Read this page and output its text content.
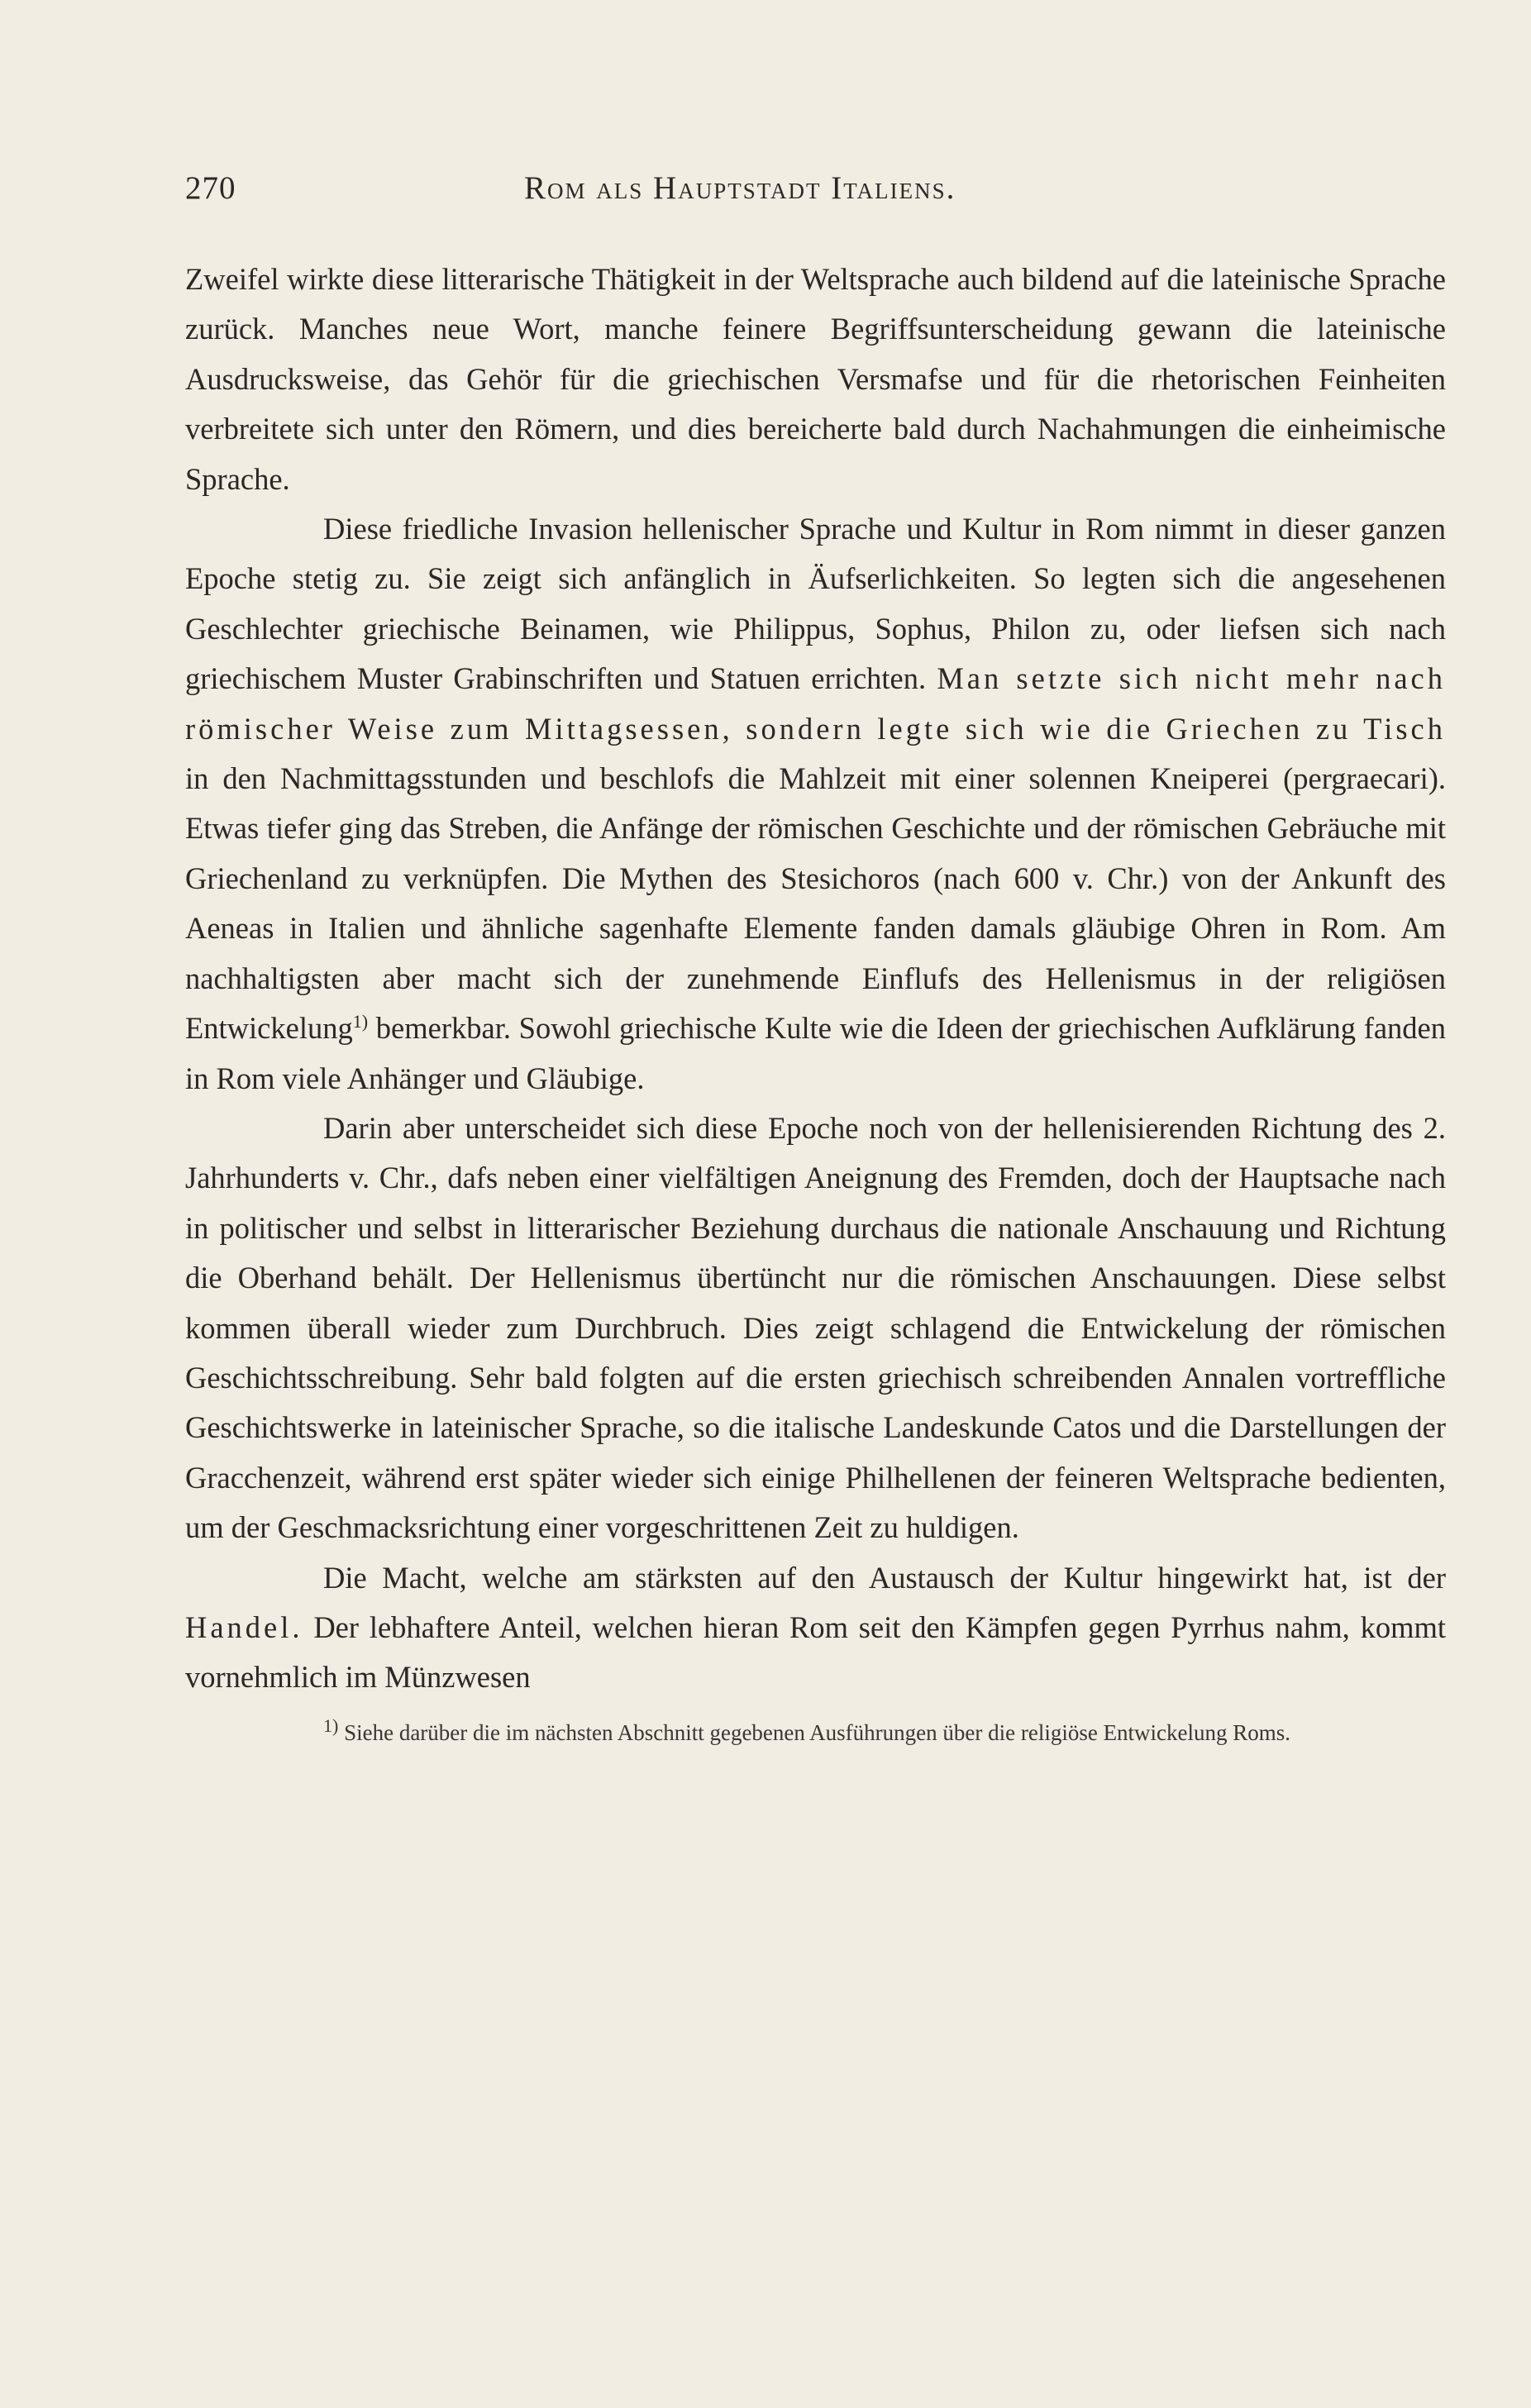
270	Rom als Hauptstadt Italiens.

Zweifel wirkte diese litterarische Thätigkeit in der Weltsprache auch bildend auf die lateinische Sprache zurück. Manches neue Wort, manche feinere Begriffsunterscheidung gewann die lateinische Ausdrucksweise, das Gehör für die griechischen Versmafse und für die rhetorischen Feinheiten verbreitete sich unter den Römern, und dies bereicherte bald durch Nachahmungen die einheimische Sprache.

Diese friedliche Invasion hellenischer Sprache und Kultur in Rom nimmt in dieser ganzen Epoche stetig zu. Sie zeigt sich anfänglich in Äufserlichkeiten. So legten sich die angesehenen Geschlechter griechische Beinamen, wie Philippus, Sophus, Philon zu, oder liefsen sich nach griechischem Muster Grabinschriften und Statuen errichten. Man setzte sich nicht mehr nach römischer Weise zum Mittagsessen, sondern legte sich wie die Griechen zu Tisch in den Nachmittagsstunden und beschlofs die Mahlzeit mit einer solennen Kneiperei (pergraecari). Etwas tiefer ging das Streben, die Anfänge der römischen Geschichte und der römischen Gebräuche mit Griechenland zu verknüpfen. Die Mythen des Stesichoros (nach 600 v. Chr.) von der Ankunft des Aeneas in Italien und ähnliche sagenhafte Elemente fanden damals gläubige Ohren in Rom. Am nachhaltigsten aber macht sich der zunehmende Einflufs des Hellenismus in der religiösen Entwickelung$^{1)}$ bemerkbar. Sowohl griechische Kulte wie die Ideen der griechischen Aufklärung fanden in Rom viele Anhänger und Gläubige.

Darin aber unterscheidet sich diese Epoche noch von der hellenisierenden Richtung des 2. Jahrhunderts v. Chr., dafs neben einer vielfältigen Aneignung des Fremden, doch der Hauptsache nach in politischer und selbst in litterarischer Beziehung durchaus die nationale Anschauung und Richtung die Oberhand behält. Der Hellenismus übertüncht nur die römischen Anschauungen. Diese selbst kommen überall wieder zum Durchbruch. Dies zeigt schlagend die Entwickelung der römischen Geschichtsschreibung. Sehr bald folgten auf die ersten griechisch schreibenden Annalen vortreffliche Geschichtswerke in lateinischer Sprache, so die italische Landeskunde Catos und die Darstellungen der Gracchenzeit, während erst später wieder sich einige Philhellenen der feineren Weltsprache bedienten, um der Geschmacksrichtung einer vorgeschrittenen Zeit zu huldigen.

Die Macht, welche am stärksten auf den Austausch der Kultur hingewirkt hat, ist der Handel. Der lebhaftere Anteil, welchen hieran Rom seit den Kämpfen gegen Pyrrhus nahm, kommt vornehmlich im Münzwesen

$^{1)}$ Siehe darüber die im nächsten Abschnitt gegebenen Ausführungen über die religiöse Entwickelung Roms.
